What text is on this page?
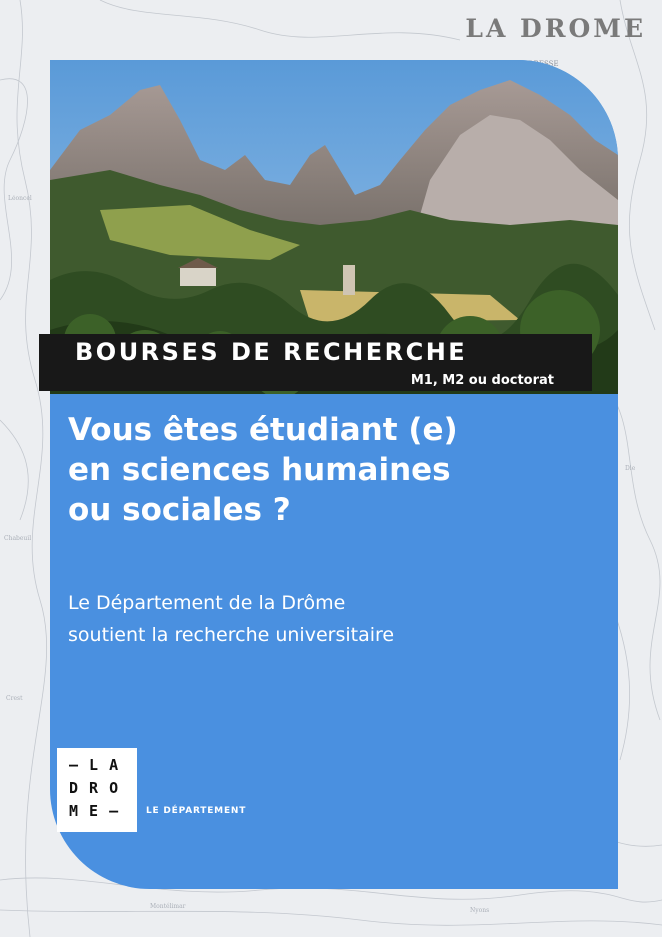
Léoncel
Chabeuil
Crest
Montélimar
Nyons
Die
LA DROME
BOURSES DE RECHERCHE
M1, M2 ou doctorat
Vous êtes étudiant (e)
en sciences humaines
ou sociales ?
Le Département de la Drôme
soutient la recherche universitaire
– L A
D R O
M E –	LE DÉPARTEMENT
